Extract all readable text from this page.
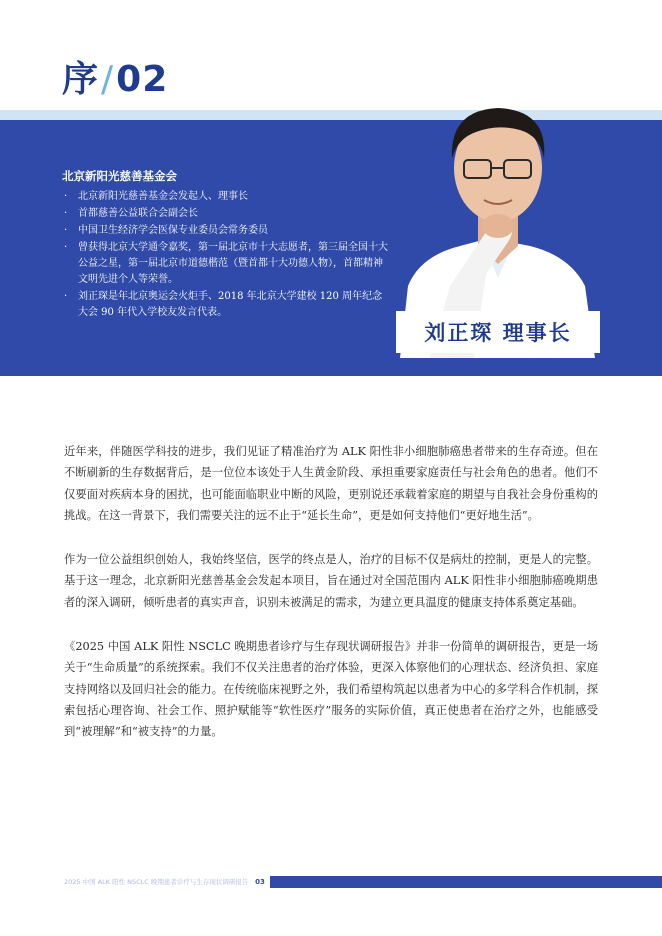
序/02
北京新阳光慈善基金会
· 北京新阳光慈善基金会发起人、理事长
· 首都慈善公益联合会副会长
· 中国卫生经济学会医保专业委员会常务委员
· 曾获得北京大学通令嘉奖，第一届北京市十大志愿者，第三届全国十大公益之星，第一届北京市道德楷范（暨首都十大功德人物），首都精神文明先进个人等荣誉。
· 刘正琛是年北京奥运会火炬手、2018 年北京大学建校 120 周年纪念大会 90 年代入学校友发言代表。
刘正琛 理事长

近年来，伴随医学科技的进步，我们见证了精准治疗为 ALK 阳性非小细胞肺癌患者带来的生存奇迹。但在不断刷新的生存数据背后，是一位位本该处于人生黄金阶段、承担重要家庭责任与社会角色的患者。他们不仅要面对疾病本身的困扰，也可能面临职业中断的风险，更别说还承载着家庭的期望与自我社会身份重构的挑战。在这一背景下，我们需要关注的远不止于“延长生命”，更是如何支持他们“更好地生活”。

作为一位公益组织创始人，我始终坚信，医学的终点是人，治疗的目标不仅是病灶的控制，更是人的完整。基于这一理念，北京新阳光慈善基金会发起本项目，旨在通过对全国范围内 ALK 阳性非小细胞肺癌晚期患者的深入调研，倾听患者的真实声音，识别未被满足的需求，为建立更具温度的健康支持体系奠定基础。

《2025 中国 ALK 阳性 NSCLC 晚期患者诊疗与生存现状调研报告》并非一份简单的调研报告，更是一场关于“生命质量”的系统探索。我们不仅关注患者的治疗体验，更深入体察他们的心理状态、经济负担、家庭支持网络以及回归社会的能力。在传统临床视野之外，我们希望构筑起以患者为中心的多学科合作机制，探索包括心理咨询、社会工作、照护赋能等“软性医疗”服务的实际价值，真正使患者在治疗之外，也能感受到“被理解”和“被支持”的力量。

2025 中国 ALK 阳性 NSCLC 晚期患者诊疗与生存现状调研报告 03
